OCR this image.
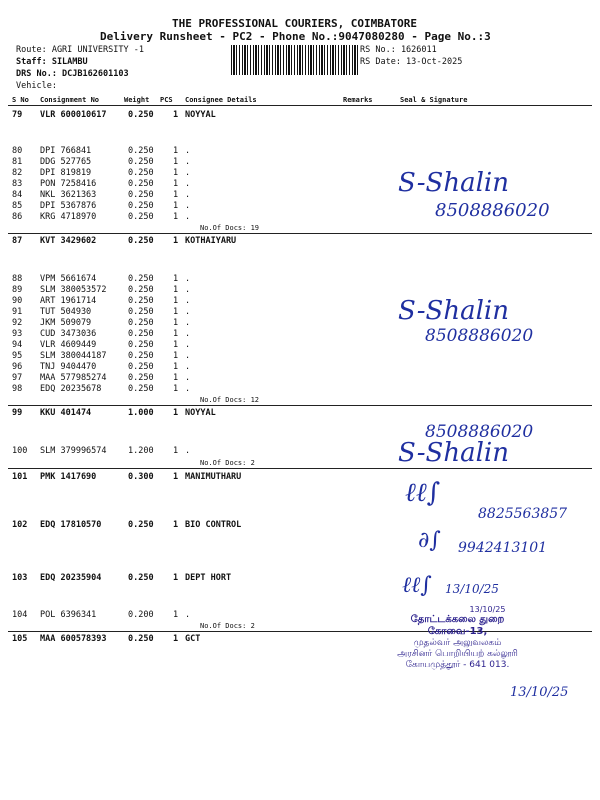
THE PROFESSIONAL COURIERS, COIMBATORE
Delivery Runsheet - PC2 - Phone No.:9047080280 - Page No.:3
Route: AGRI UNIVERSITY -1
Staff: SILAMBU
DRS No.: DCJB162601103
Vehicle:
RS No.: 1626011
RS Date: 13-Oct-2025
S No Consignment No	Weight PCS Consignee Details	Remarks	Seal & Signature
79 VLR 600010617	0.250 1 NOYYAL
80 DPI 766841	0.250 1 .
81 DDG 527765	0.250 1 .
82 DPI 819819	0.250 1 .
83 PON 7258416	0.250 1 .
84 NKL 3621363	0.250 1 .
85 DPI 5367876	0.250 1 .
86 KRG 4718970	0.250 1 .
87 KVT 3429602	0.250 1 KOTHAIYARU
88 VPM 5661674	0.250 1 .
89 SLM 380053572	0.250 1 .
90 ART 1961714	0.250 1 .
91 TUT 504930	0.250 1 .
92 JKM 509079	0.250 1 .
93 CUD 3473036	0.250 1 .
94 VLR 4609449	0.250 1 .
95 SLM 380044187	0.250 1 .
96 TNJ 9404470	0.250 1 .
97 MAA 577985274	0.250 1 .
98 EDQ 20235678	0.250 1 .
99 KKU 401474	1.000 1 NOYYAL
100 SLM 379996574	1.200 1 .
101 PMK 1417690	0.300 1 MANIMUTHARU
102 EDQ 17810570	0.250 1 BIO CONTROL
103 EDQ 20235904	0.250 1 DEPT HORT
104 POL 6396341	0.200 1 .
105 MAA 600578393	0.250 1 GCT
No.Of Docs: 19
No.Of Docs: 12
No.Of Docs: 2
No.Of Docs: 2
S-Shalin
8508886020
S-Shalin
8508886020
8508886020
S-Shalin
ℓℓ∫
8825563857
∂∫ 9942413101
ℓℓ∫ 13/10/25
13/10/25
தோட்டக்கலை துறை
கோவை-13,
முதல்வர் அலுவலகம்
அரசினர் பொறியியற் கல்லூரி
கோயமுத்தூர் - 641 013.
13/10/25
